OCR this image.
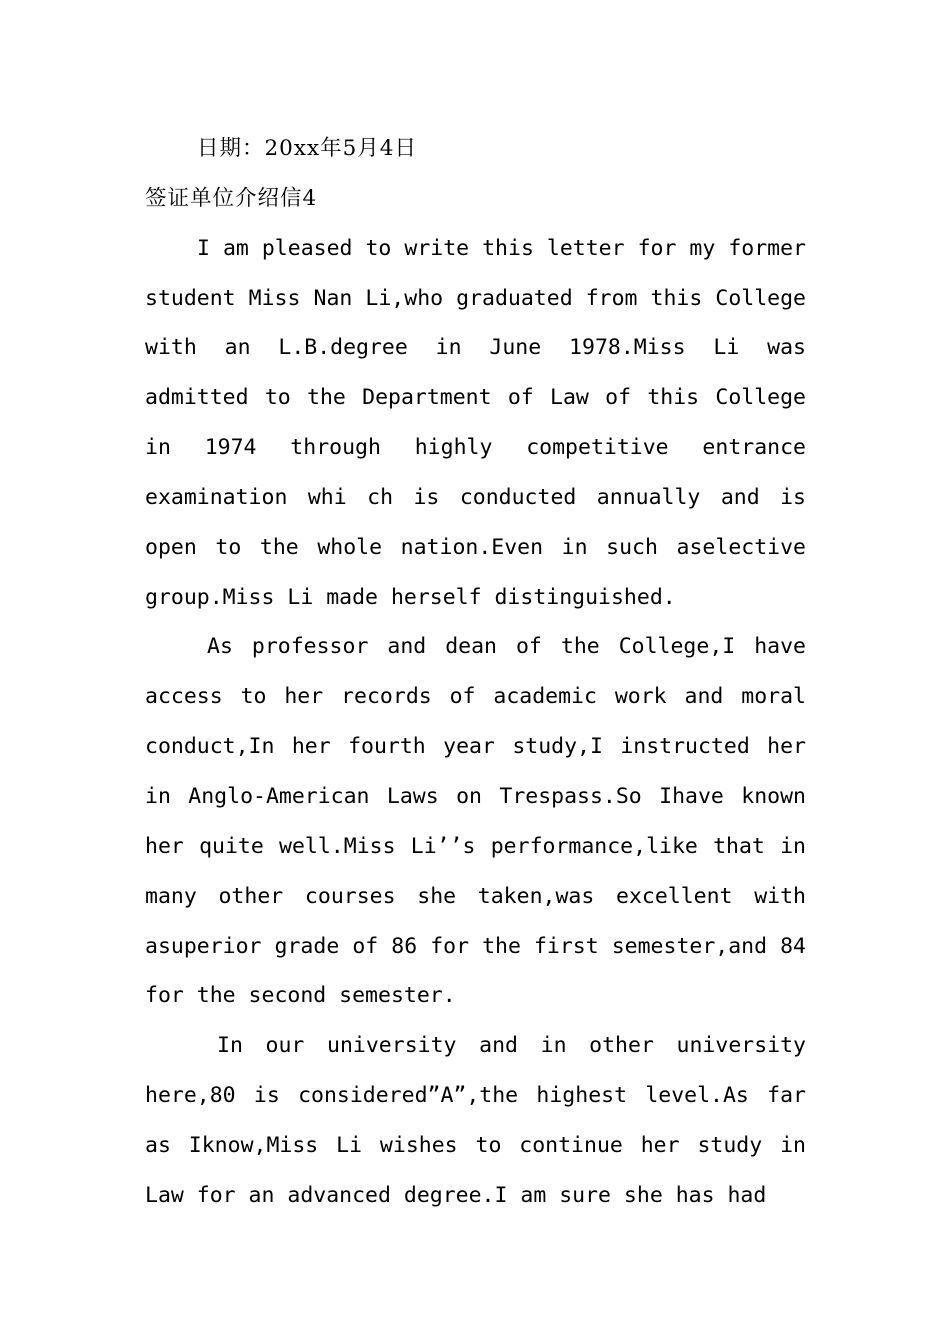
日期：20xx年5月4日

签证单位介绍信4

I am pleased to write this letter for my former student Miss Nan Li,who graduated from this College with an L.B.degree in June 1978.Miss Li was admitted to the Department of Law of this College in 1974 through highly competitive entrance examination whi ch is conducted annually and is open to the whole nation.Even in such aselective group.Miss Li made herself distinguished.

As professor and dean of the College,I have access to her records of academic work and moral conduct,In her fourth year study,I instructed her in Anglo-American Laws on Trespass.So Ihave known her quite well.Miss Li’’s performance,like that in many other courses she taken,was excellent with asuperior grade of 86 for the first semester,and 84 for the second semester.

In our university and in other university here,80 is considered”A”,the highest level.As far as Iknow,Miss Li wishes to continue her study in Law for an advanced degree.I am sure she has had
